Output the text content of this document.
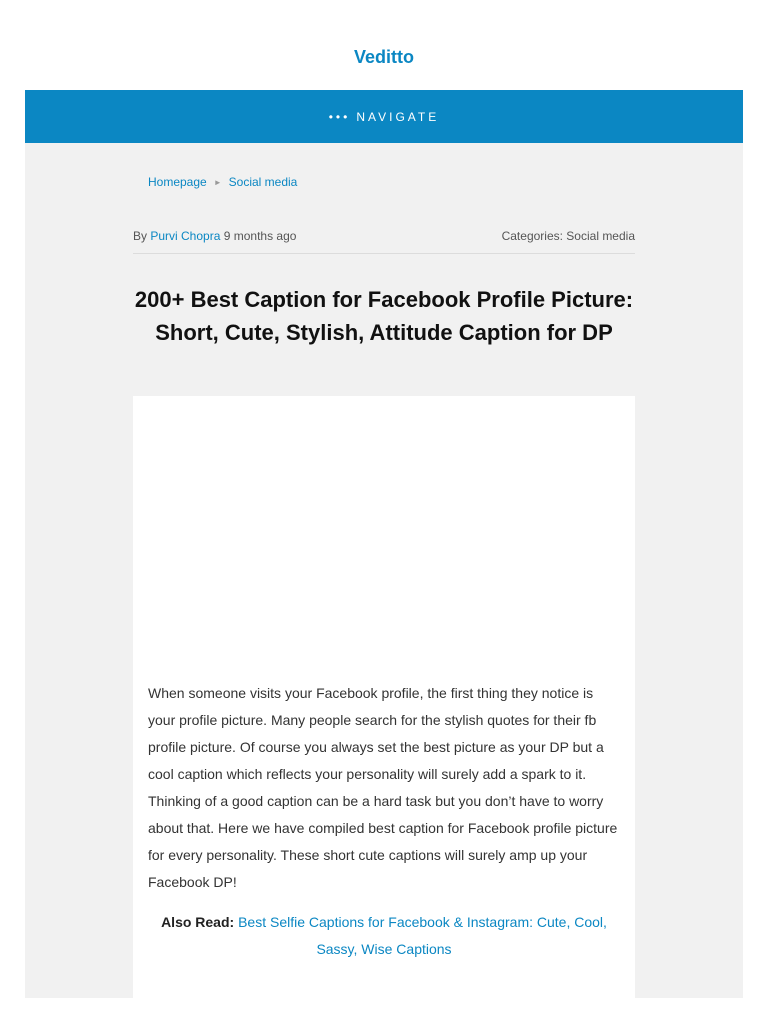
Veditto
••• NAVIGATE
Homepage ► Social media
By Purvi Chopra 9 months ago	Categories: Social media
200+ Best Caption for Facebook Profile Picture: Short, Cute, Stylish, Attitude Caption for DP

When someone visits your Facebook profile, the first thing they notice is your profile picture. Many people search for the stylish quotes for their fb profile picture. Of course you always set the best picture as your DP but a cool caption which reflects your personality will surely add a spark to it. Thinking of a good caption can be a hard task but you don’t have to worry about that. Here we have compiled best caption for Facebook profile picture for every personality. These short cute captions will surely amp up your Facebook DP!

Also Read: Best Selfie Captions for Facebook & Instagram: Cute, Cool, Sassy, Wise Captions
